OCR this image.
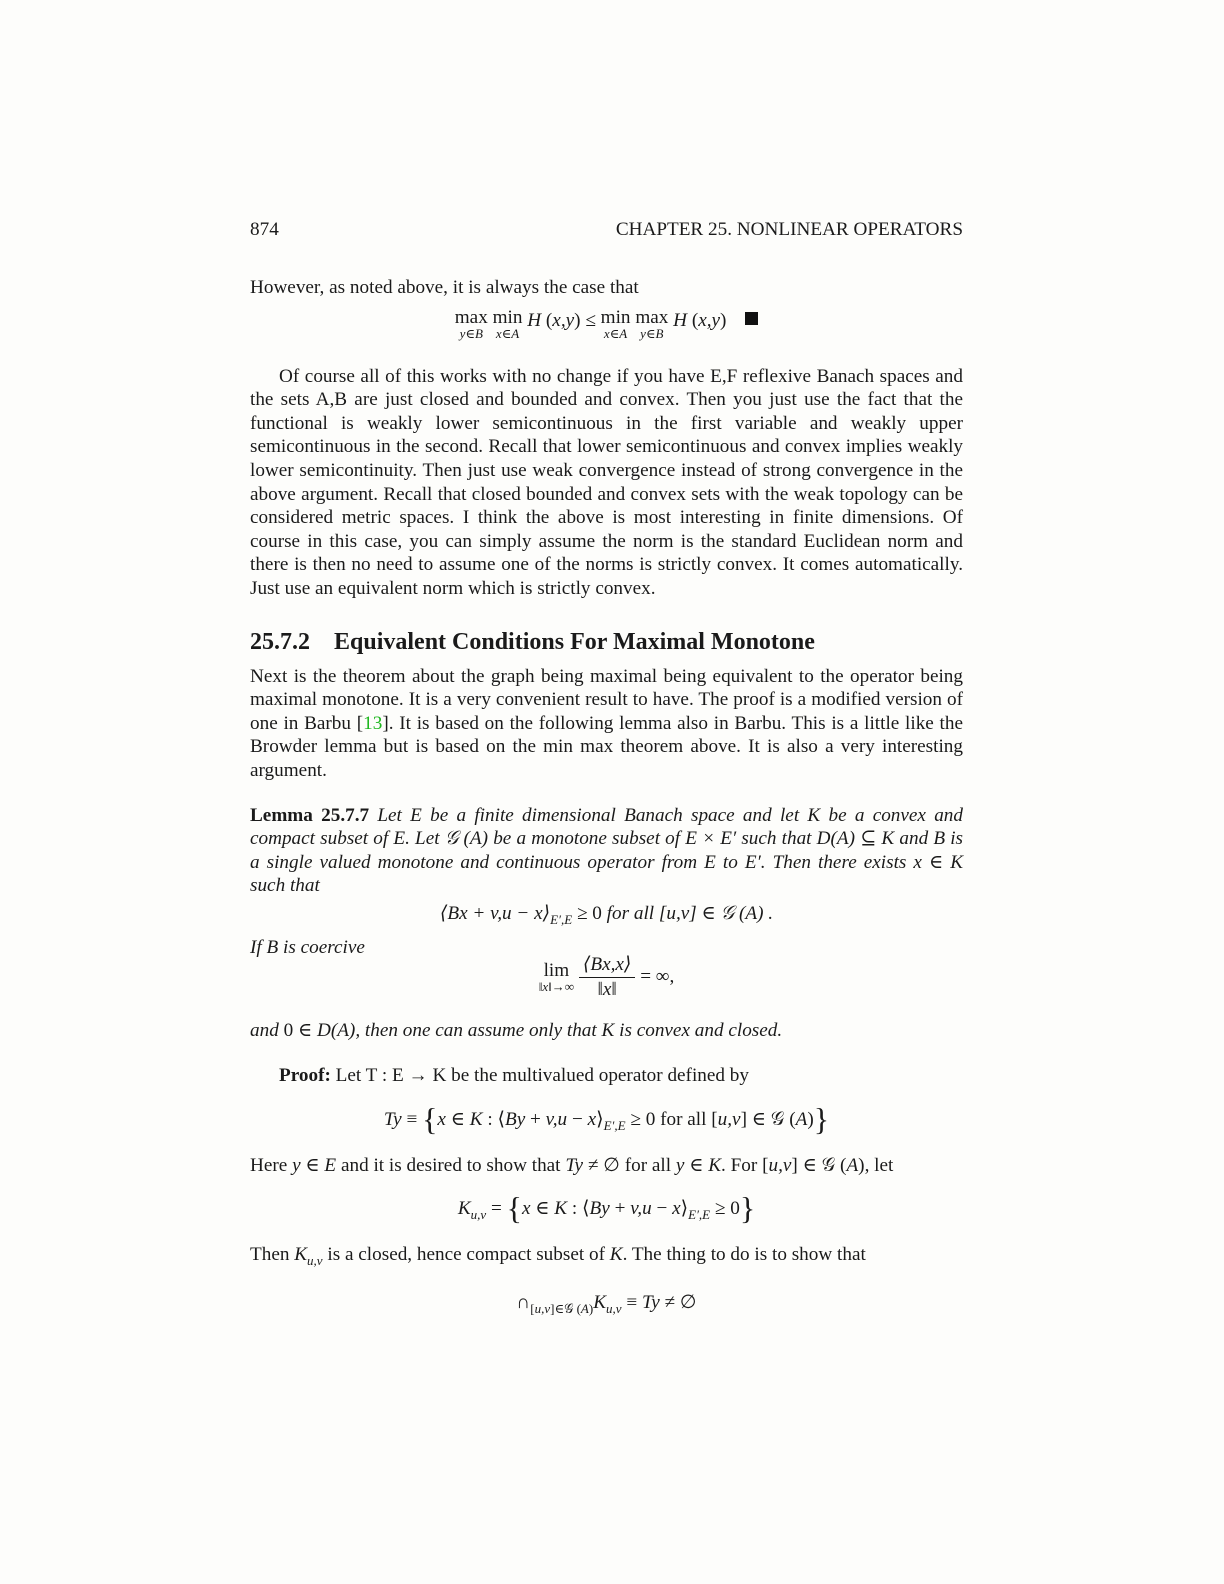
874	CHAPTER 25. NONLINEAR OPERATORS

However, as noted above, it is always the case that

max
y∈B

min
x∈A
H (x,y) ≤ min
x∈A

max
y∈B
H (x,y)

Of course all of this works with no change if you have E,F reflexive Banach spaces and the sets A,B are just closed and bounded and convex. Then you just use the fact that the functional is weakly lower semicontinuous in the first variable and weakly upper semicontinuous in the second. Recall that lower semicontinuous and convex implies weakly lower semicontinuity. Then just use weak convergence instead of strong convergence in the above argument. Recall that closed bounded and convex sets with the weak topology can be considered metric spaces. I think the above is most interesting in finite dimensions. Of course in this case, you can simply assume the norm is the standard Euclidean norm and there is then no need to assume one of the norms is strictly convex. It comes automatically. Just use an equivalent norm which is strictly convex.

25.7.2 Equivalent Conditions For Maximal Monotone

Next is the theorem about the graph being maximal being equivalent to the operator being maximal monotone. It is a very convenient result to have. The proof is a modified version of one in Barbu [13]. It is based on the following lemma also in Barbu. This is a little like the Browder lemma but is based on the min max theorem above. It is also a very interesting argument.

Lemma 25.7.7 Let E be a finite dimensional Banach space and let K be a convex and compact subset of E. Let 𝒢 (A) be a monotone subset of E × E′ such that D(A) ⊆ K and B is a single valued monotone and continuous operator from E to E′. Then there exists x ∈ K such that

⟨Bx + $v,u - x⟩_{E',E} \ge 0$ for all [u,v] ∈ 𝒢 (A) .

If B is coercive

lim
‖x‖→∞
$\frac{⟨Bx,x⟩}{‖x‖}$ = ∞,

and 0 ∈ D(A), then one can assume only that K is convex and closed.

Proof: Let T : E → K be the multivalued operator defined by

Ty ≡ {x ∈ K : ⟨By + $v,u - x⟩_{E',E} \ge 0$ for all [u,v] ∈ 𝒢 (A)}

Here y ∈ E and it is desired to show that Ty ≠ ∅ for all y ∈ K. For [u,v] ∈ 𝒢 (A), let

$K_{u,v} = \{x$ ∈ K : ⟨By + $v,u - x⟩_{E',E} \ge 0$}

Then $K_{u,v}$ is a closed, hence compact subset of K. The thing to do is to show that

$\cap_{[u,v]\in 𝒢 (A)}K_{u,v} \equiv Ty$ ≠ ∅
